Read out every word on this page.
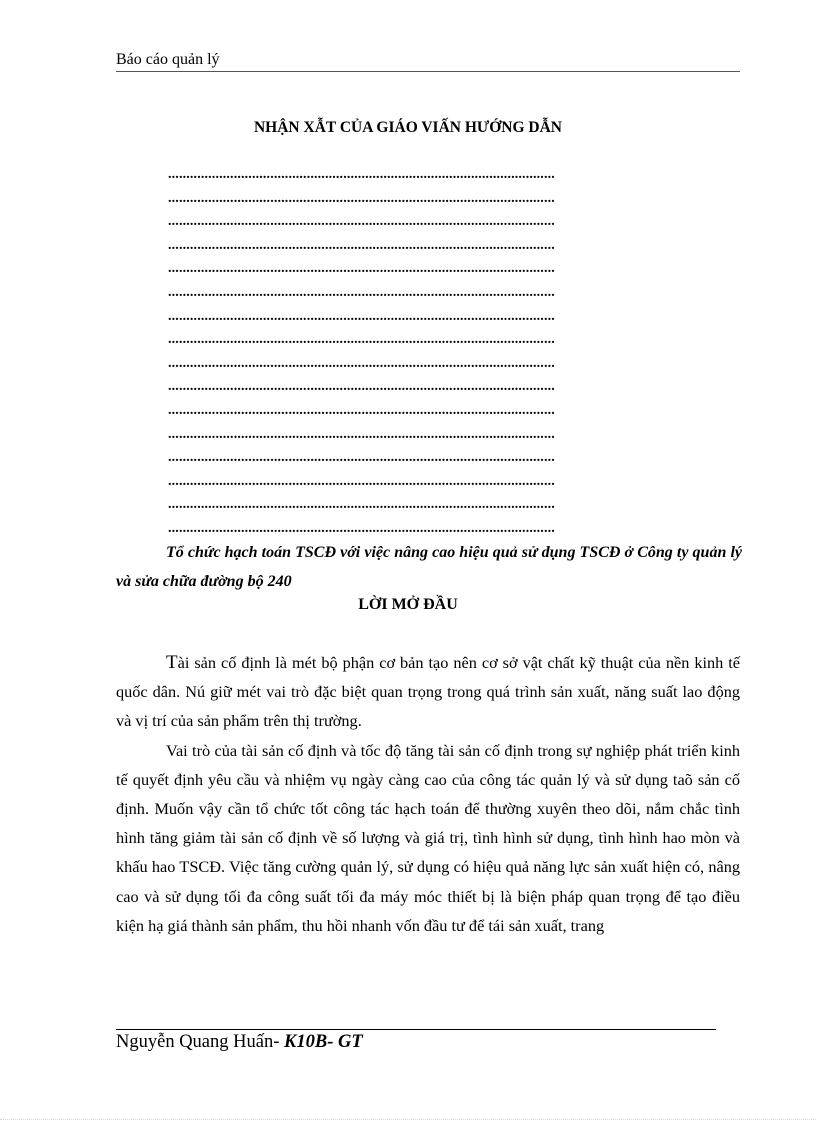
Báo cáo quản lý
NHẬN XẪT CỦA GIÁO VIẤN HƯỚNG DẪN
..........................................................................................................
..........................................................................................................
..........................................................................................................
..........................................................................................................
..........................................................................................................
..........................................................................................................
..........................................................................................................
..........................................................................................................
..........................................................................................................
..........................................................................................................
..........................................................................................................
..........................................................................................................
..........................................................................................................
..........................................................................................................
..........................................................................................................
..........................................................................................................
Tổ chức hạch toán TSCĐ với việc nâng cao hiệu quả sử dụng TSCĐ ở Công ty quản lý và sửa chữa đường bộ 240
LỜI MỞ ĐẦU

Tài sản cố định là mét bộ phận cơ bản tạo nên cơ sở vật chất kỹ thuật của nền kinh tế quốc dân. Nú giữ mét vai trò đặc biệt quan trọng trong quá trình sản xuất, năng suất lao động và vị trí của sản phẩm trên thị trường.

Vai trò của tài sản cố định và tốc độ tăng tài sản cố định trong sự nghiệp phát triển kinh tế quyết định yêu cầu và nhiệm vụ ngày càng cao của công tác quản lý và sử dụng taõ sản cố định. Muốn vậy cần tổ chức tốt công tác hạch toán để thường xuyên theo dõi, nắm chắc tình hình tăng giảm tài sản cố định về số lượng và giá trị, tình hình sử dụng, tình hình hao mòn và khấu hao TSCĐ. Việc tăng cường quản lý, sử dụng có hiệu quả năng lực sản xuất hiện có, nâng cao và sử dụng tối đa công suất tối đa máy móc thiết bị là biện pháp quan trọng để tạo điều kiện hạ giá thành sản phẩm, thu hồi nhanh vốn đầu tư để tái sản xuất, trang

Nguyễn Quang Huấn- K10B- GT
